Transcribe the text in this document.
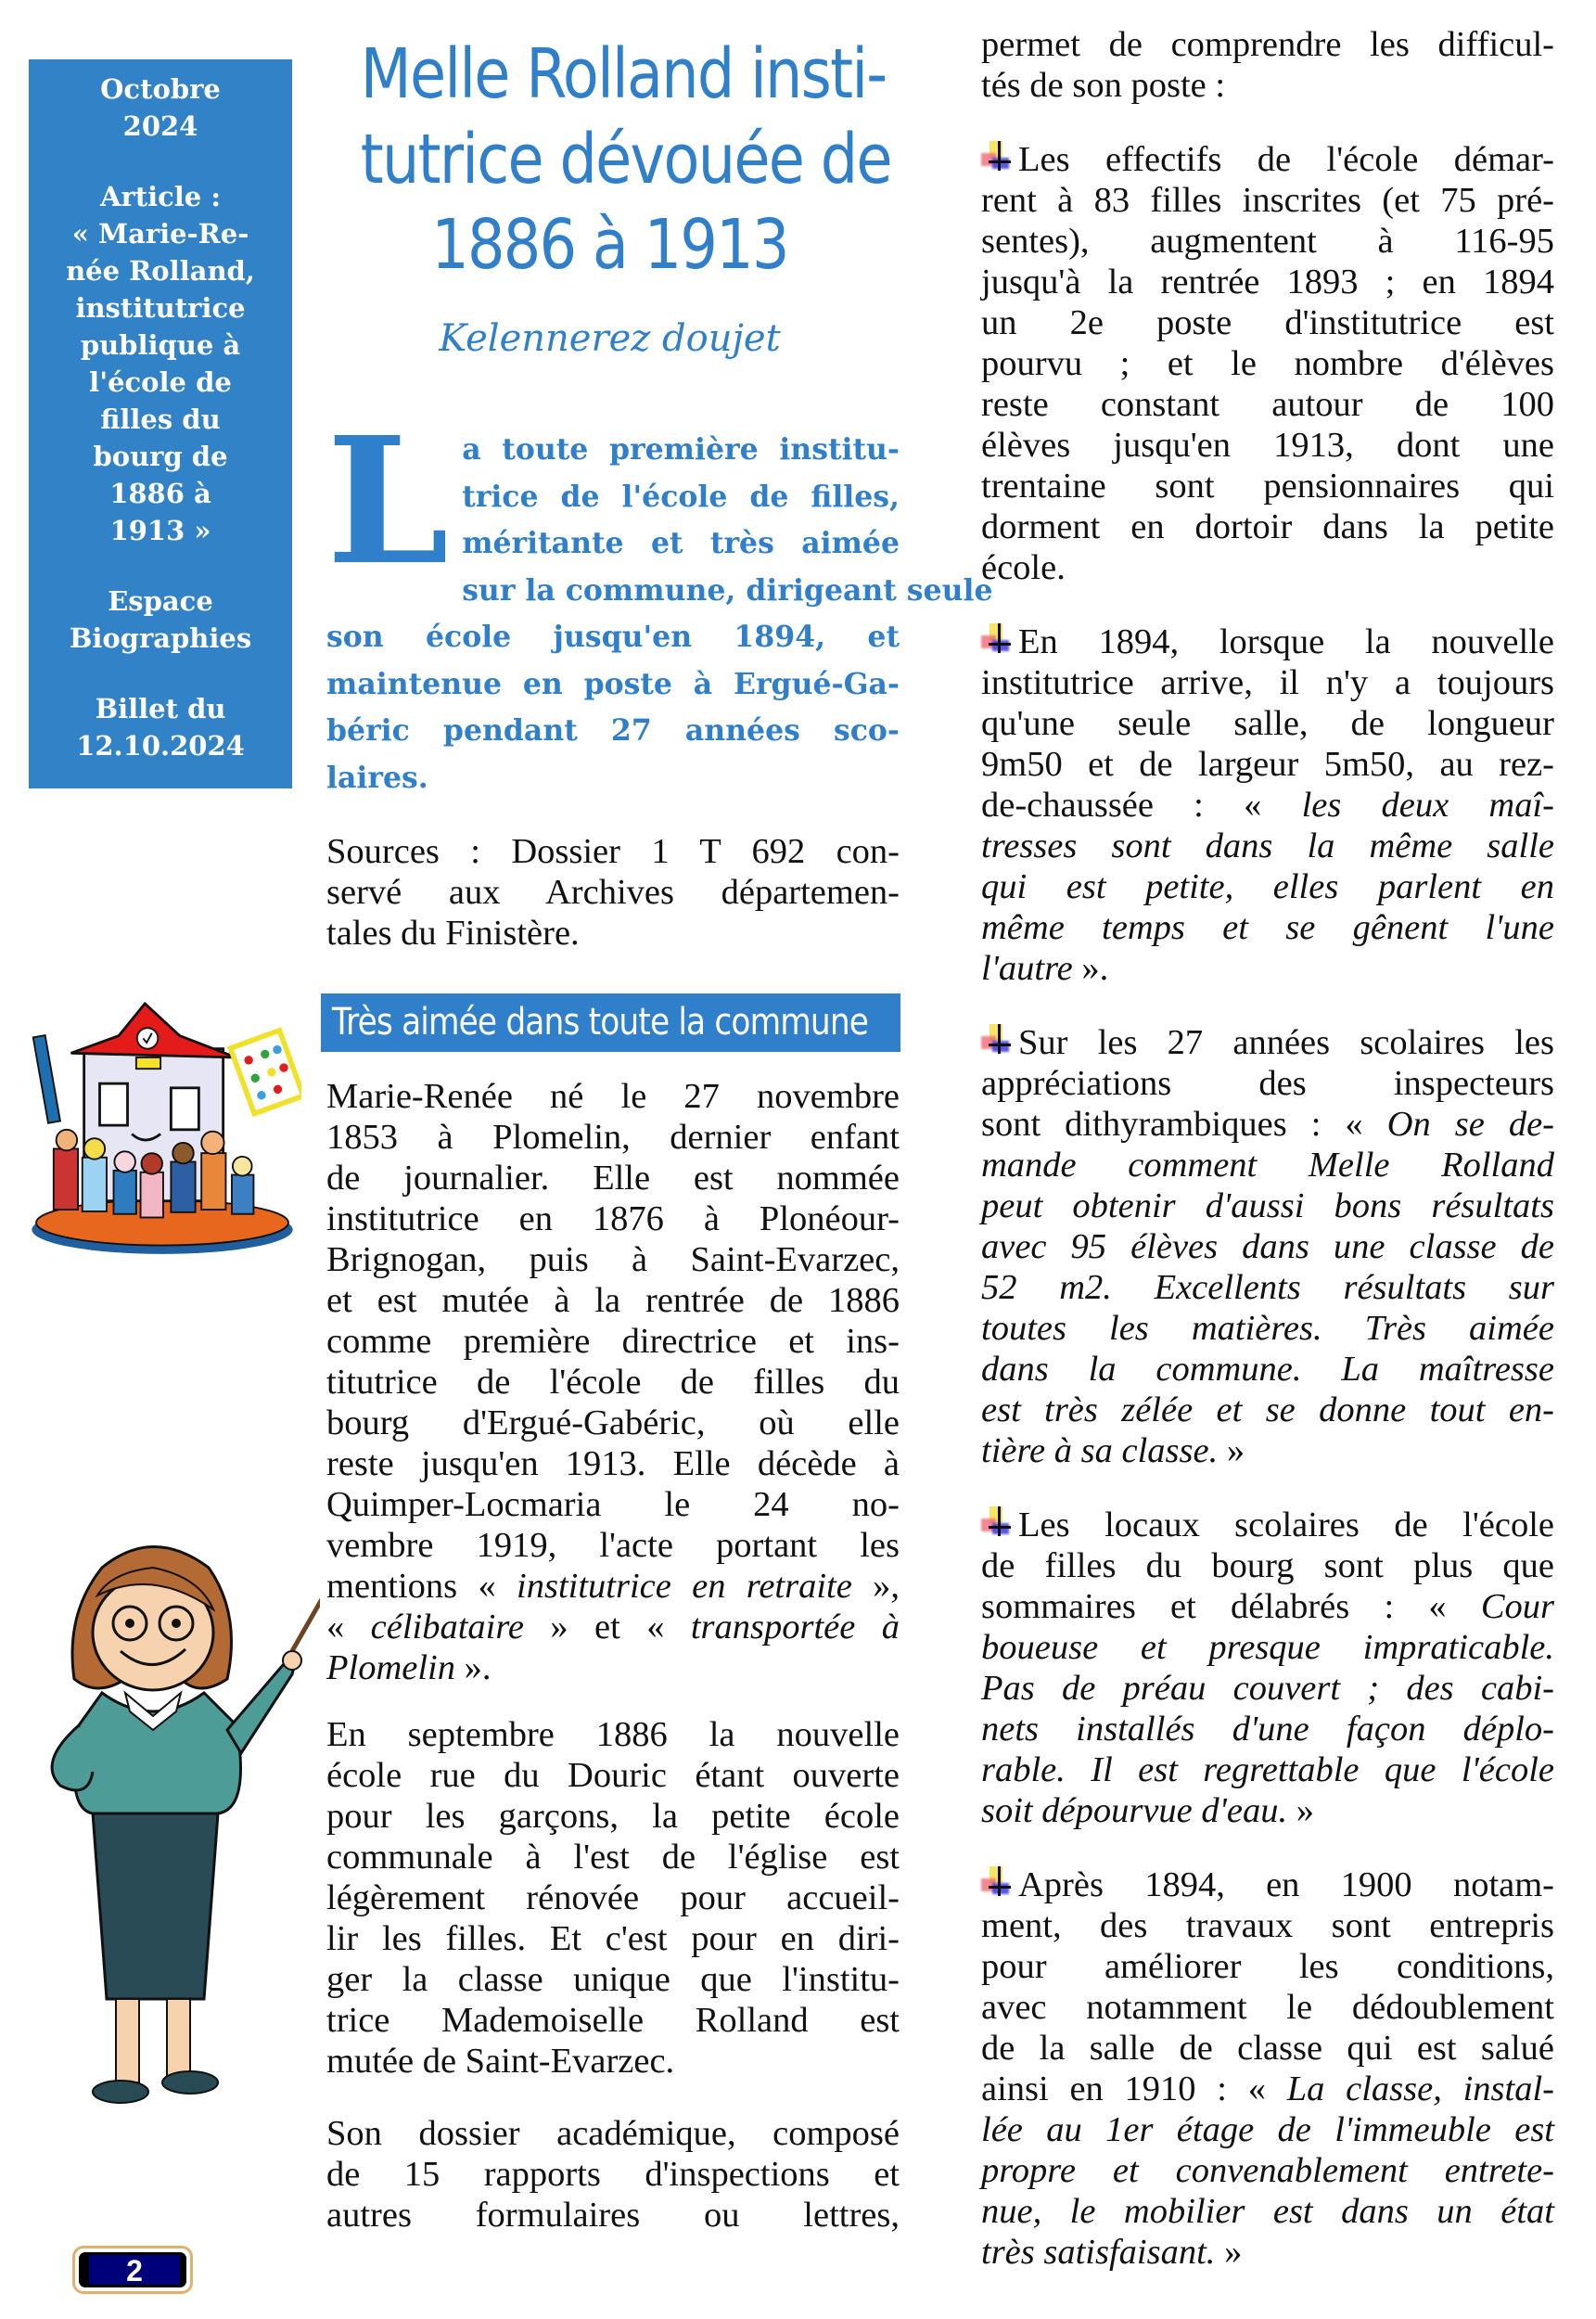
Octobre
2024
Article :
« Marie-Re-
née Rolland,
institutrice
publique à
l'école de
filles du
bourg de
1886 à
1913 »
Espace
Biographies
Billet du
12.10.2024
Melle Rolland insti-
tutrice dévouée de
1886 à 1913
Kelennerez doujet
L a toute première institu-
trice de l'école de filles,
méritante et très aimée
sur la commune, dirigeant seule
son école jusqu'en 1894, et
maintenue en poste à Ergué-Ga-
béric pendant 27 années sco-
laires.
Sources : Dossier 1 T 692 con-
servé aux Archives départemen-
tales du Finistère.
Très aimée dans toute la commune
Marie-Renée né le 27 novembre
1853 à Plomelin, dernier enfant
de journalier. Elle est nommée
institutrice en 1876 à Plonéour-
Brignogan, puis à Saint-Evarzec,
et est mutée à la rentrée de 1886
comme première directrice et ins-
titutrice de l'école de filles du
bourg d'Ergué-Gabéric, où elle
reste jusqu'en 1913. Elle décède à
Quimper-Locmaria le 24 no-
vembre 1919, l'acte portant les
mentions « institutrice en retraite »,
« célibataire » et « transportée à
Plomelin ».
En septembre 1886 la nouvelle
école rue du Douric étant ouverte
pour les garçons, la petite école
communale à l'est de l'église est
légèrement rénovée pour accueil-
lir les filles. Et c'est pour en diri-
ger la classe unique que l'institu-
trice Mademoiselle Rolland est
mutée de Saint-Evarzec.
Son dossier académique, composé
de 15 rapports d'inspections et
autres formulaires ou lettres,
permet de comprendre les difficul-
tés de son poste :
Les effectifs de l'école démar-
rent à 83 filles inscrites (et 75 pré-
sentes), augmentent à 116-95
jusqu'à la rentrée 1893 ; en 1894
un 2e poste d'institutrice est
pourvu ; et le nombre d'élèves
reste constant autour de 100
élèves jusqu'en 1913, dont une
trentaine sont pensionnaires qui
dorment en dortoir dans la petite
école.
En 1894, lorsque la nouvelle
institutrice arrive, il n'y a toujours
qu'une seule salle, de longueur
9m50 et de largeur 5m50, au rez-
de-chaussée : « les deux maî-
tresses sont dans la même salle
qui est petite, elles parlent en
même temps et se gênent l'une
l'autre ».
Sur les 27 années scolaires les
appréciations des inspecteurs
sont dithyrambiques : « On se de-
mande comment Melle Rolland
peut obtenir d'aussi bons résultats
avec 95 élèves dans une classe de
52 m2. Excellents résultats sur
toutes les matières. Très aimée
dans la commune. La maîtresse
est très zélée et se donne tout en-
tière à sa classe. »
Les locaux scolaires de l'école
de filles du bourg sont plus que
sommaires et délabrés : « Cour
boueuse et presque impraticable.
Pas de préau couvert ; des cabi-
nets installés d'une façon déplo-
rable. Il est regrettable que l'école
soit dépourvue d'eau. »
Après 1894, en 1900 notam-
ment, des travaux sont entrepris
pour améliorer les conditions,
avec notamment le dédoublement
de la salle de classe qui est salué
ainsi en 1910 : « La classe, instal-
lée au 1er étage de l'immeuble est
propre et convenablement entrete-
nue, le mobilier est dans un état
très satisfaisant. »
2
